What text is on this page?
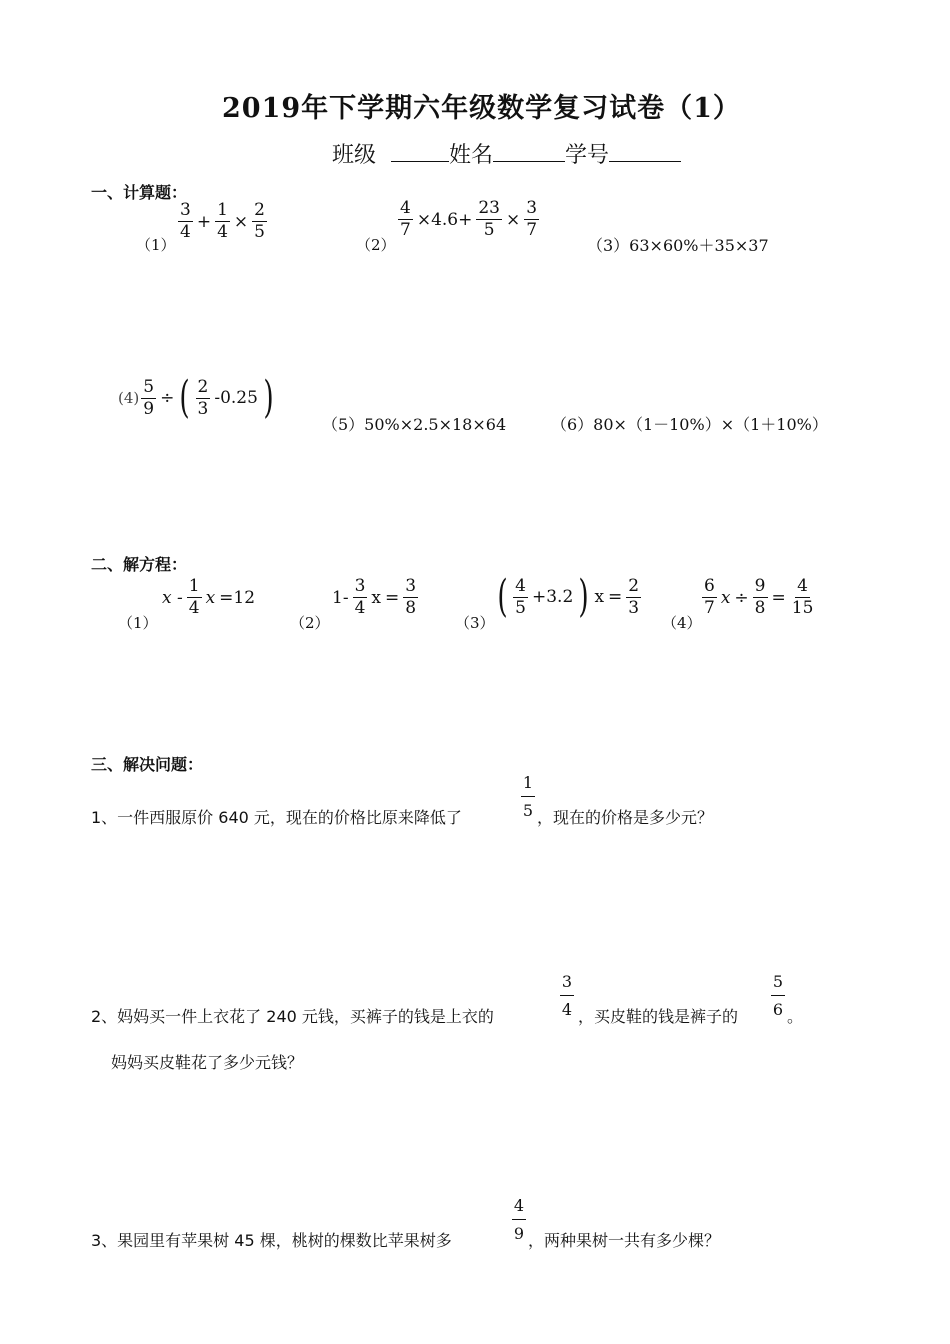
2019年下学期六年级数学复习试卷（1）
班级	姓名	学号
一、计算题：
（1）
$\frac{3}{4} + \frac{1}{4} \times \frac{2}{5}$
（2）
$\frac{4}{7} \times 4.6+ \frac{23}{5} \times \frac{3}{7}$
（3）63×60%＋35×37
$(4) \frac{5}{9}$ ÷ ( $\frac{2}{3} -0.25$ )
（5）50%×2.5×18×64	（6）80×（1－10%）×（1＋10%）
二、解方程：
（1）
x - $\frac{1}{4}$ x =12
（2）
$1- \frac{3}{4}$ $x = \frac{3}{8}$
（3）
( $\frac{4}{5} +3.2$ ) $x = \frac{2}{3}$
（4）
$\frac{6}{7}$ $x \div \frac{9}{8} = \frac{4}{15}$
三、解决问题：
1、一件西服原价 640 元，现在的价格比原来降低了	$\frac{1}{5}$ ，现在的价格是多少元？
2、妈妈买一件上衣花了 240 元钱，买裤子的钱是上衣的	$\frac{3}{4}$ ，买皮鞋的钱是裤子的 $\frac{5}{6}$ 。
妈妈买皮鞋花了多少元钱？
3、果园里有苹果树 45 棵，桃树的棵数比苹果树多	$\frac{4}{9}$ ，两种果树一共有多少棵？
